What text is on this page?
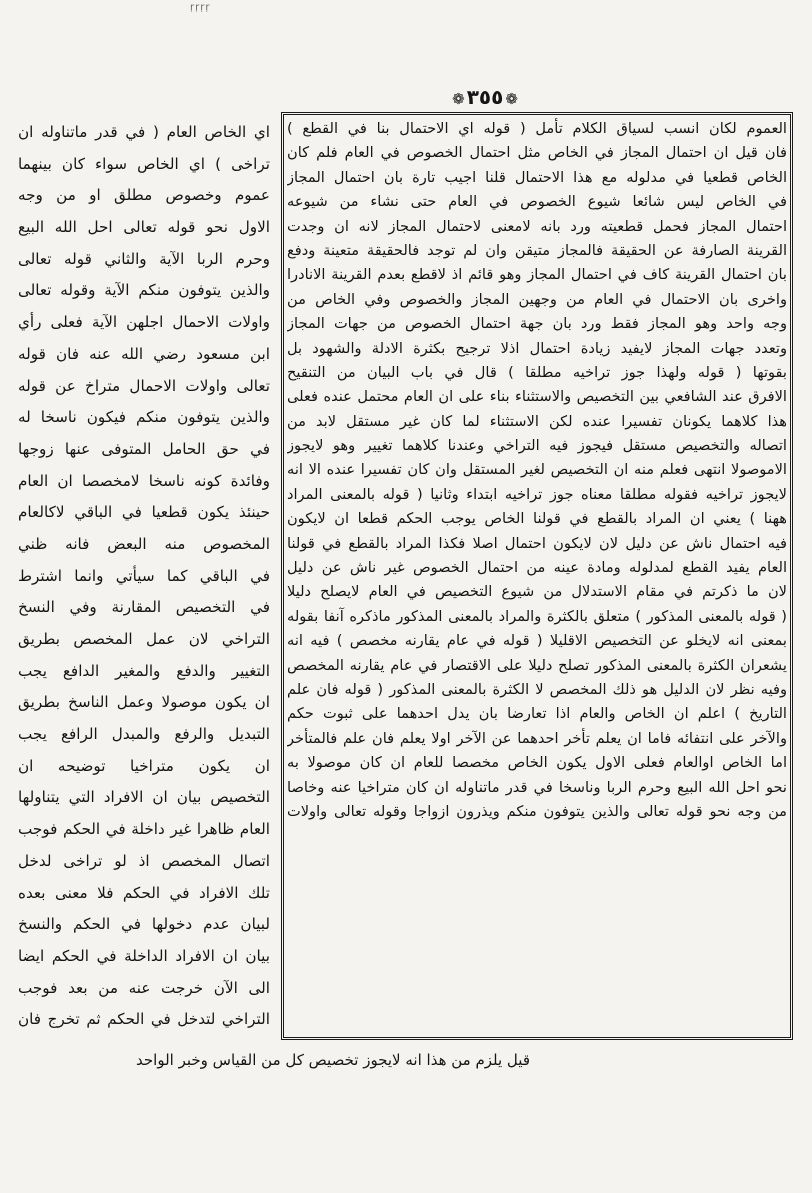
ṛṛṛṛ
❁٣٥٥❁
العموم لكان انسب لسياق الكلام تأمل ( قوله اي الاحتمال بنا في القطع )
فان قيل ان احتمال المجاز في الخاص مثل احتمال الخصوص في العام فلم كان
الخاص قطعيا في مدلوله مع هذا الاحتمال قلنا اجيب تارة بان احتمال المجاز
في الخاص ليس شائعا شيوع الخصوص في العام حتى نشاء من شيوعه
احتمال المجاز فحمل قطعيته ورد بانه لامعنى لاحتمال المجاز لانه ان وجدت
القرينة الصارفة عن الحقيقة فالمجاز متيقن وان لم توجد فالحقيقة متعينة ودفع
بان احتمال القرينة كاف في احتمال المجاز وهو قائم اذ لاقطع بعدم القرينة الانادرا
واخرى بان الاحتمال في العام من وجهين المجاز والخصوص وفي الخاص من
وجه واحد وهو المجاز فقط ورد بان جهة احتمال الخصوص من جهات المجاز
وتعدد جهات المجاز لايفيد زيادة احتمال اذلا ترجيح بكثرة الادلة والشهود بل
بقوتها ( قوله ولهذا جوز تراخيه مطلقا ) قال في باب البيان من التنقيح
الافرق عند الشافعي بين التخصيص والاستثناء بناء على ان العام محتمل عنده فعلى
هذا كلاهما يكونان تفسيرا عنده لكن الاستثناء لما كان غير مستقل لابد من
اتصاله والتخصيص مستقل فيجوز فيه التراخي وعندنا كلاهما تغيير وهو لايجوز
الاموصولا انتهى فعلم منه ان التخصيص لغير المستقل وان كان تفسيرا عنده الا انه
لايجوز تراخيه فقوله مطلقا معناه جوز تراخيه ابتداء وثانيا ( قوله بالمعنى المراد
ههنا ) يعني ان المراد بالقطع في قولنا الخاص يوجب الحكم قطعا ان لايكون
فيه احتمال ناش عن دليل لان لايكون احتمال اصلا فكذا المراد بالقطع في قولنا
العام يفيد القطع لمدلوله ومادة عينه من احتمال الخصوص غير ناش عن دليل
لان ما ذكرتم في مقام الاستدلال من شيوع التخصيص في العام لايصلح دليلا
( قوله بالمعنى المذكور ) متعلق بالكثرة والمراد بالمعنى المذكور ماذكره آنفا بقوله
بمعنى انه لايخلو عن التخصيص الاقليلا ( قوله في عام يقارنه مخصص ) فيه انه
يشعران الكثرة بالمعنى المذكور تصلح دليلا على الاقتصار في عام يقارنه المخصص
وفيه نظر لان الدليل هو ذلك المخصص لا الكثرة بالمعنى المذكور ( قوله فان علم
التاريخ ) اعلم ان الخاص والعام اذا تعارضا بان يدل احدهما على ثبوت حكم
والآخر على انتفائه فاما ان يعلم تأخر احدهما عن الآخر اولا يعلم فان علم فالمتأخر
اما الخاص اوالعام فعلى الاول يكون الخاص مخصصا للعام ان كان موصولا به
نحو احل الله البيع وحرم الربا وناسخا في قدر ماتناوله ان كان متراخيا عنه وخاصا
من وجه نحو قوله تعالى والذين يتوفون منكم ويذرون ازواجا وقوله تعالى واولات
اي الخاص العام ( في قدر ماتناوله ان
تراخى ) اي الخاص سواء كان بينهما
عموم وخصوص مطلق او من وجه
الاول نحو قوله تعالى احل الله البيع
وحرم الربا الآية والثاني قوله تعالى
والذين يتوفون منكم الآية وقوله تعالى
واولات الاحمال اجلهن الآية فعلى رأي
ابن مسعود رضي الله عنه فان قوله
تعالى واولات الاحمال متراخ عن قوله
والذين يتوفون منكم فيكون ناسخا له
في حق الحامل المتوفى عنها زوجها
وفائدة كونه ناسخا لامخصصا ان العام
حينئذ يكون قطعيا في الباقي لاكالعام
المخصوص منه البعض فانه ظني
في الباقي كما سيأتي وانما اشترط
في التخصيص المقارنة وفي النسخ
التراخي لان عمل المخصص بطريق
التغيير والدفع والمغير الدافع يجب
ان يكون موصولا وعمل الناسخ بطريق
التبديل والرفع والمبدل الرافع يجب
ان يكون متراخيا توضيحه ان
التخصيص بيان ان الافراد التي يتناولها
العام ظاهرا غير داخلة في الحكم فوجب
اتصال المخصص اذ لو تراخى لدخل
تلك الافراد في الحكم فلا معنى بعده
لبيان عدم دخولها في الحكم والنسخ
بيان ان الافراد الداخلة في الحكم ايضا
الى الآن خرجت عنه من بعد فوجب
التراخي لتدخل في الحكم ثم تخرج فان
قيل يلزم من هذا انه لايجوز تخصيص كل من القياس وخبر الواحد
